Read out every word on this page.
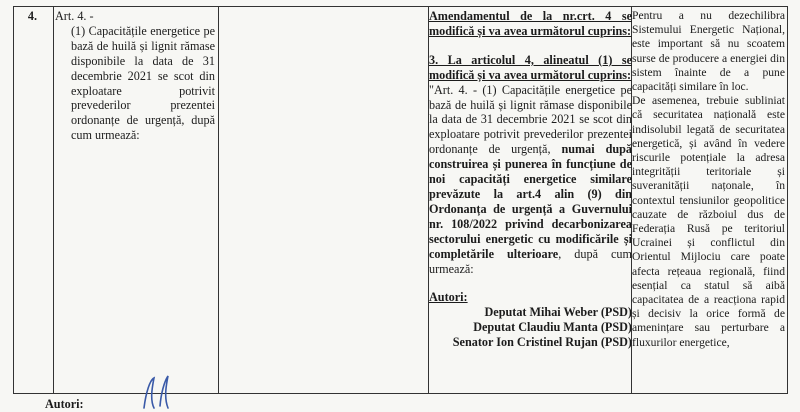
4.	Art. 4. -
(1) Capacitățile energetice pe bază de huilă și lignit rămase disponibile la data de 31 decembrie 2021 se scot din exploatare potrivit prevederilor prezentei ordonanțe de urgență, după cum urmează:
Amendamentul de la nr.crt. 4 se modifică și va avea următorul cuprins:
3. La articolul 4, alineatul (1) se modifică și va avea următorul cuprins:
"Art. 4. - (1) Capacitățile energetice pe bază de huilă și lignit rămase disponibile la data de 31 decembrie 2021 se scot din exploatare potrivit prevederilor prezentei ordonanțe de urgență, numai după construirea și punerea în funcțiune de noi capacități energetice similare prevăzute la art.4 alin (9) din Ordonanța de urgență a Guvernului nr. 108/2022 privind decarbonizarea sectorului energetic cu modificările și completările ulterioare, după cum urmează:
Autori:
Deputat Mihai Weber (PSD)
Deputat Claudiu Manta (PSD)
Senator Ion Cristinel Rujan (PSD)
Pentru a nu dezechilibra Sistemului Energetic Național, este important să nu scoatem surse de producere a energiei din sistem înainte de a pune capacități similare în loc.
De asemenea, trebuie subliniat că securitatea națională este indisolubil legată de securitatea energetică, și având în vedere riscurile potențiale la adresa integrității teritoriale și suveranității națonale, în contextul tensiunilor geopolitice cauzate de războiul dus de Federația Rusă pe teritoriul Ucrainei și conflictul din Orientul Mijlociu care poate afecta rețeaua regională, fiind esențial ca statul să aibă capacitatea de a reacționa rapid și decisiv la orice formă de amenințare sau perturbare a fluxurilor energetice,
Autori:
